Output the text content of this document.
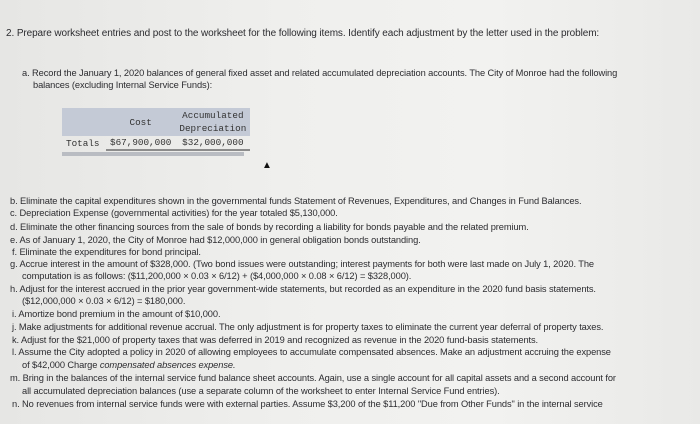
2. Prepare worksheet entries and post to the worksheet for the following items. Identify each adjustment by the letter used in the problem:
a. Record the January 1, 2020 balances of general fixed asset and related accumulated depreciation accounts. The City of Monroe had the following
balances (excluding Internal Service Funds):
	Cost	Accumulated
Depreciation
Totals	$67,900,000	$32,000,000
▲
b. Eliminate the capital expenditures shown in the governmental funds Statement of Revenues, Expenditures, and Changes in Fund Balances.
c. Depreciation Expense (governmental activities) for the year totaled $5,130,000.
d. Eliminate the other financing sources from the sale of bonds by recording a liability for bonds payable and the related premium.
e. As of January 1, 2020, the City of Monroe had $12,000,000 in general obligation bonds outstanding.
f. Eliminate the expenditures for bond principal.
g. Accrue interest in the amount of $328,000. (Two bond issues were outstanding; interest payments for both were last made on July 1, 2020. The
computation is as follows: ($11,200,000 × 0.03 × 6/12) + ($4,000,000 × 0.08 × 6/12) = $328,000).
h. Adjust for the interest accrued in the prior year government-wide statements, but recorded as an expenditure in the 2020 fund basis statements.
($12,000,000 × 0.03 × 6/12) = $180,000.
i. Amortize bond premium in the amount of $10,000.
j. Make adjustments for additional revenue accrual. The only adjustment is for property taxes to eliminate the current year deferral of property taxes.
k. Adjust for the $21,000 of property taxes that was deferred in 2019 and recognized as revenue in the 2020 fund-basis statements.
l. Assume the City adopted a policy in 2020 of allowing employees to accumulate compensated absences. Make an adjustment accruing the expense
of $42,000 Charge compensated absences expense.
m. Bring in the balances of the internal service fund balance sheet accounts. Again, use a single account for all capital assets and a second account for
all accumulated depreciation balances (use a separate column of the worksheet to enter Internal Service Fund entries).
n. No revenues from internal service funds were with external parties. Assume $3,200 of the $11,200 "Due from Other Funds" in the internal service
